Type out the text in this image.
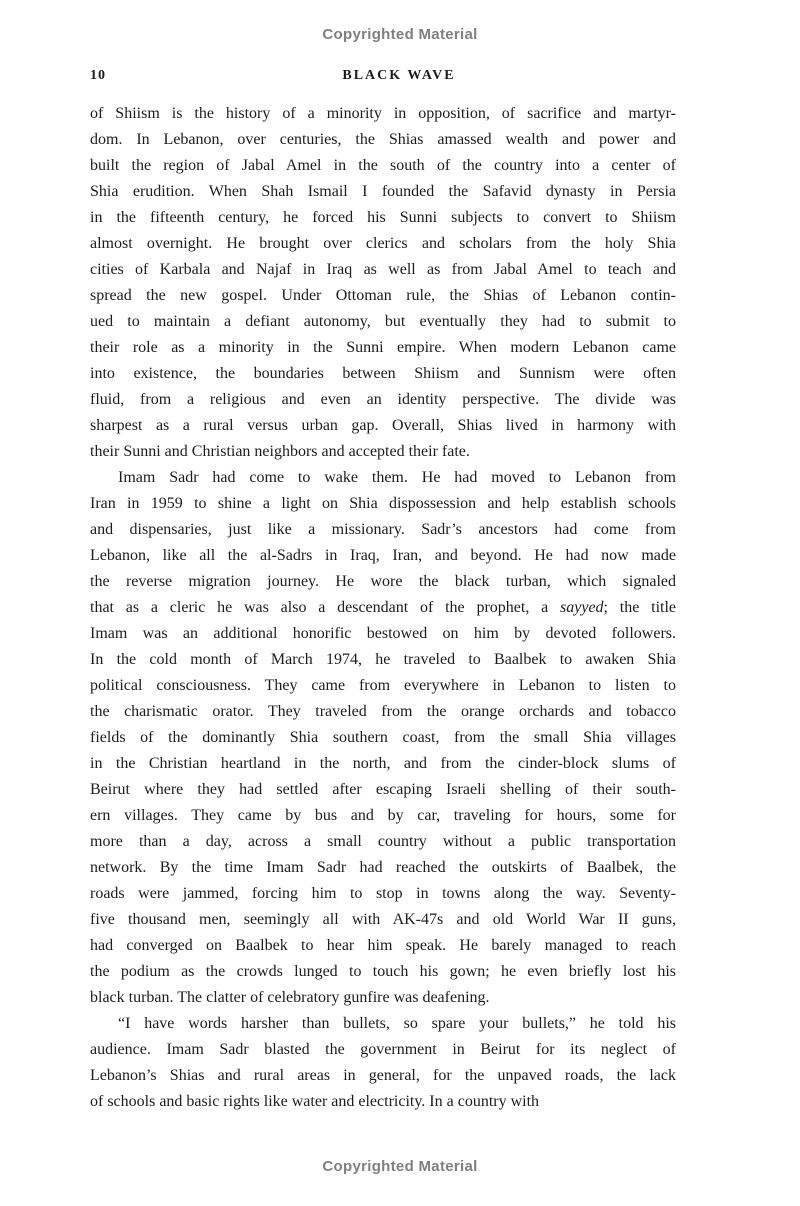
Copyrighted Material
10	BLACK WAVE
of Shiism is the history of a minority in opposition, of sacrifice and martyr-
dom. In Lebanon, over centuries, the Shias amassed wealth and power and
built the region of Jabal Amel in the south of the country into a center of
Shia erudition. When Shah Ismail I founded the Safavid dynasty in Persia
in the fifteenth century, he forced his Sunni subjects to convert to Shiism
almost overnight. He brought over clerics and scholars from the holy Shia
cities of Karbala and Najaf in Iraq as well as from Jabal Amel to teach and
spread the new gospel. Under Ottoman rule, the Shias of Lebanon contin-
ued to maintain a defiant autonomy, but eventually they had to submit to
their role as a minority in the Sunni empire. When modern Lebanon came
into existence, the boundaries between Shiism and Sunnism were often
fluid, from a religious and even an identity perspective. The divide was
sharpest as a rural versus urban gap. Overall, Shias lived in harmony with
their Sunni and Christian neighbors and accepted their fate.
Imam Sadr had come to wake them. He had moved to Lebanon from
Iran in 1959 to shine a light on Shia dispossession and help establish schools
and dispensaries, just like a missionary. Sadr’s ancestors had come from
Lebanon, like all the al-Sadrs in Iraq, Iran, and beyond. He had now made
the reverse migration journey. He wore the black turban, which signaled
that as a cleric he was also a descendant of the prophet, a sayyed; the title
Imam was an additional honorific bestowed on him by devoted followers.
In the cold month of March 1974, he traveled to Baalbek to awaken Shia
political consciousness. They came from everywhere in Lebanon to listen to
the charismatic orator. They traveled from the orange orchards and tobacco
fields of the dominantly Shia southern coast, from the small Shia villages
in the Christian heartland in the north, and from the cinder-block slums of
Beirut where they had settled after escaping Israeli shelling of their south-
ern villages. They came by bus and by car, traveling for hours, some for
more than a day, across a small country without a public transportation
network. By the time Imam Sadr had reached the outskirts of Baalbek, the
roads were jammed, forcing him to stop in towns along the way. Seventy-
five thousand men, seemingly all with AK-47s and old World War II guns,
had converged on Baalbek to hear him speak. He barely managed to reach
the podium as the crowds lunged to touch his gown; he even briefly lost his
black turban. The clatter of celebratory gunfire was deafening.
“I have words harsher than bullets, so spare your bullets,” he told his
audience. Imam Sadr blasted the government in Beirut for its neglect of
Lebanon’s Shias and rural areas in general, for the unpaved roads, the lack
of schools and basic rights like water and electricity. In a country with
Copyrighted Material
